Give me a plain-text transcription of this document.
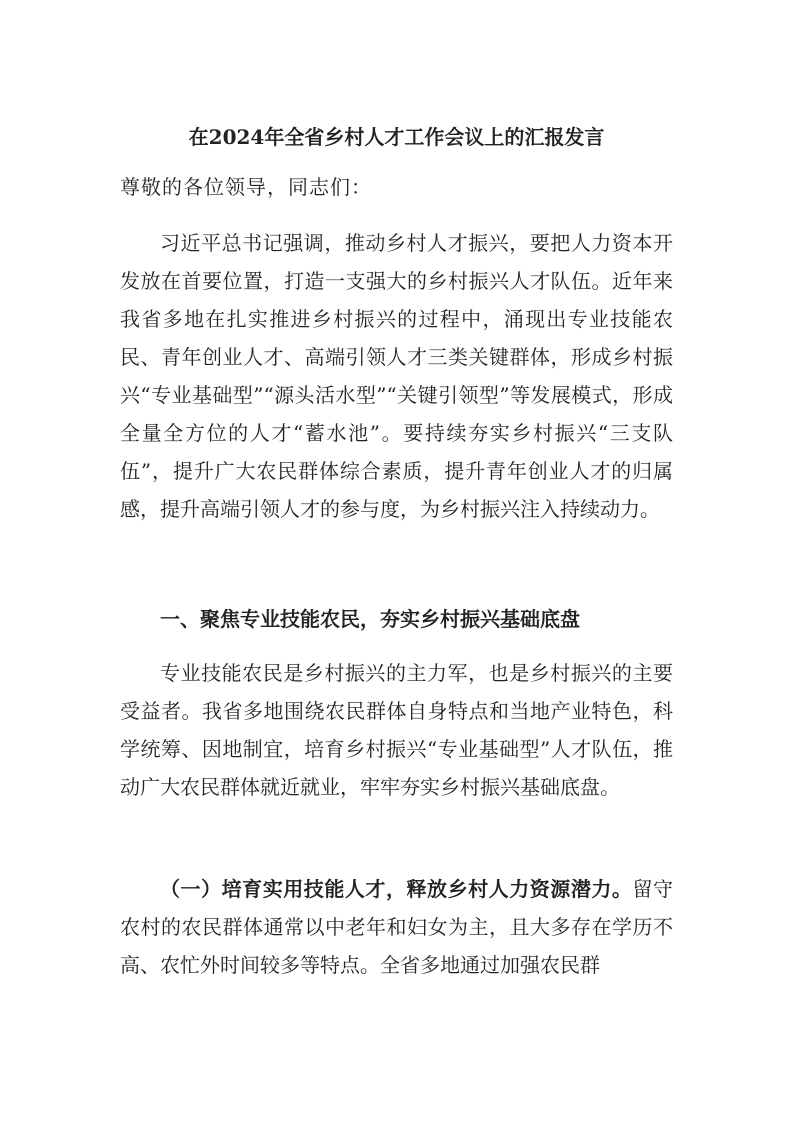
在2024年全省乡村人才工作会议上的汇报发言
尊敬的各位领导，同志们：

习近平总书记强调，推动乡村人才振兴，要把人力资本开发放在首要位置，打造一支强大的乡村振兴人才队伍。近年来我省多地在扎实推进乡村振兴的过程中，涌现出专业技能农民、青年创业人才、高端引领人才三类关键群体，形成乡村振兴“专业基础型”“源头活水型”“关键引领型”等发展模式，形成全量全方位的人才“蓄水池”。要持续夯实乡村振兴“三支队伍”，提升广大农民群体综合素质，提升青年创业人才的归属感，提升高端引领人才的参与度，为乡村振兴注入持续动力。

一、聚焦专业技能农民，夯实乡村振兴基础底盘

专业技能农民是乡村振兴的主力军，也是乡村振兴的主要受益者。我省多地围绕农民群体自身特点和当地产业特色，科学统筹、因地制宜，培育乡村振兴“专业基础型”人才队伍，推动广大农民群体就近就业，牢牢夯实乡村振兴基础底盘。

（一）培育实用技能人才，释放乡村人力资源潜力。留守农村的农民群体通常以中老年和妇女为主，且大多存在学历不高、农忙外时间较多等特点。全省多地通过加强农民群
